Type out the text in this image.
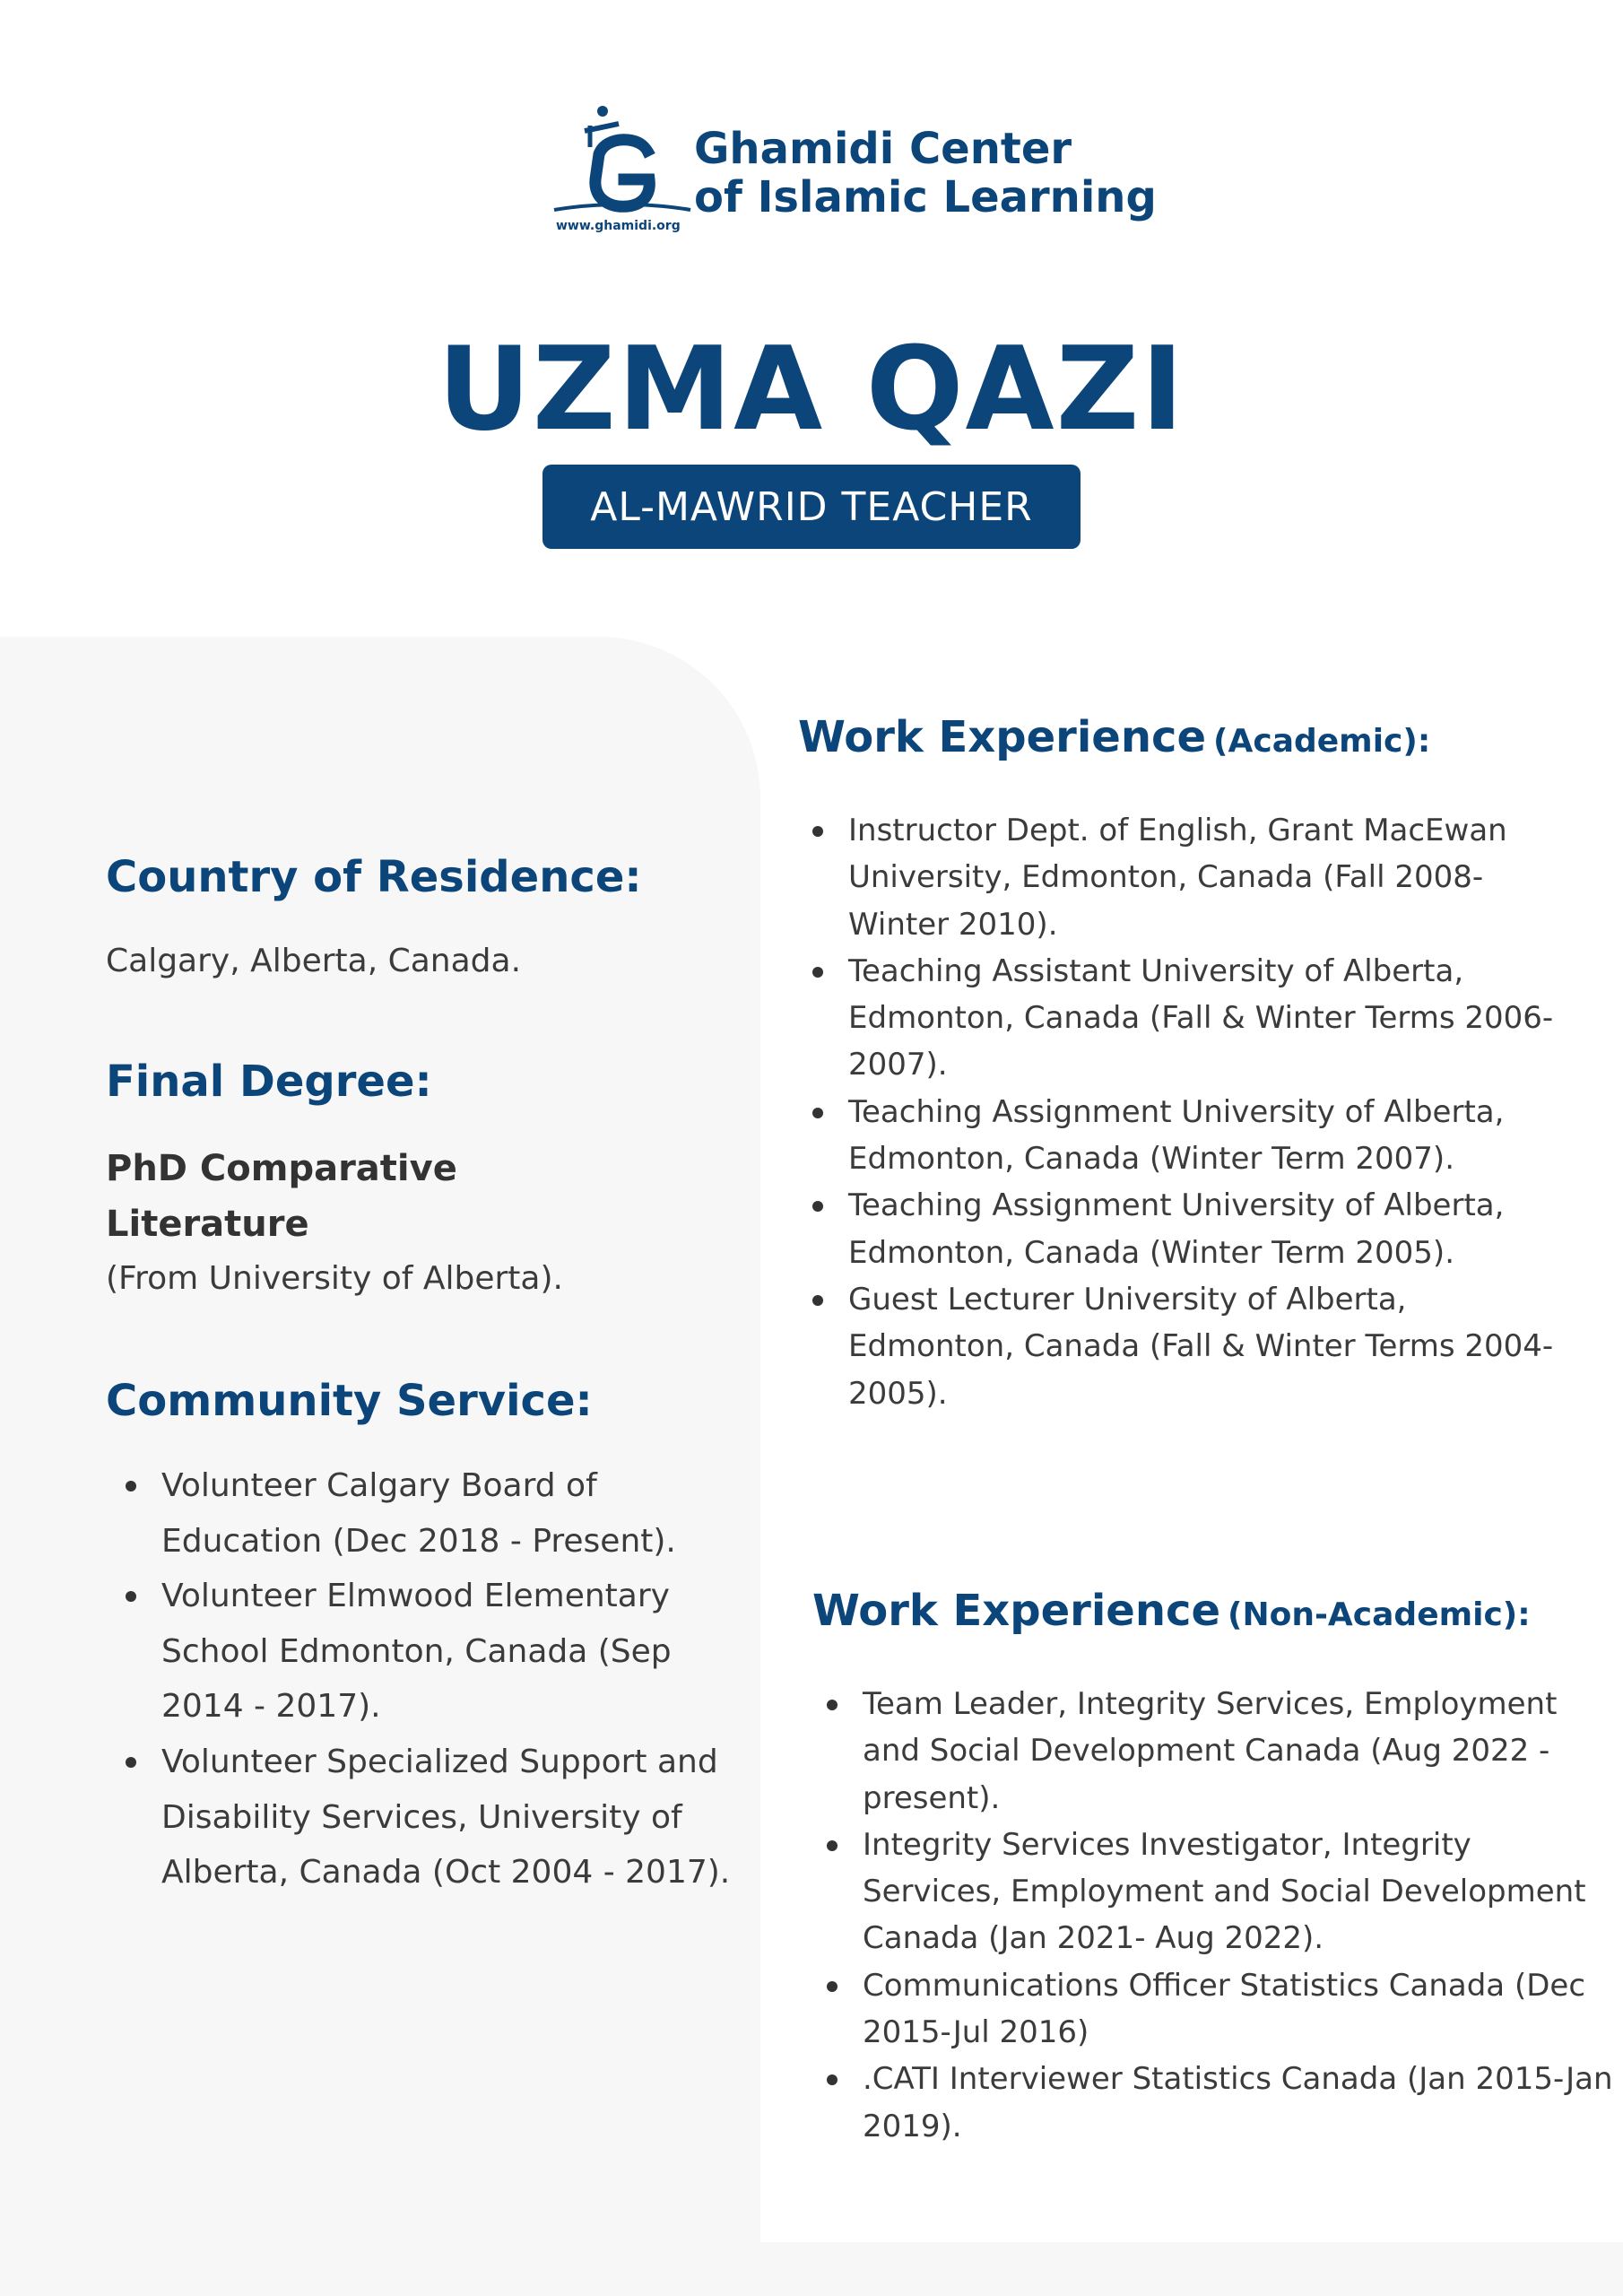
Ghamidi Center
of Islamic Learning
www.ghamidi.org
UZMA QAZI
AL-MAWRID TEACHER
Country of Residence:
Calgary, Alberta, Canada.
Final Degree:
PhD Comparative
Literature
(From University of Alberta).
Community Service:
Volunteer Calgary Board of Education (Dec 2018 - Present).
Volunteer Elmwood Elementary School Edmonton, Canada (Sep 2014 - 2017).
Volunteer Specialized Support and Disability Services, University of Alberta, Canada (Oct 2004 - 2017).
Work Experience (Academic):
Instructor Dept. of English, Grant MacEwan University, Edmonton, Canada (Fall 2008-Winter 2010).
Teaching Assistant University of Alberta, Edmonton, Canada (Fall & Winter Terms 2006-2007).
Teaching Assignment University of Alberta, Edmonton, Canada (Winter Term 2007).
Teaching Assignment University of Alberta, Edmonton, Canada (Winter Term 2005).
Guest Lecturer University of Alberta, Edmonton, Canada (Fall & Winter Terms 2004- 2005).
Work Experience (Non-Academic):
Team Leader, Integrity Services, Employment and Social Development Canada (Aug 2022 - present).
Integrity Services Investigator, Integrity Services, Employment and Social Development Canada (Jan 2021- Aug 2022).
Communications Officer Statistics Canada (Dec 2015-Jul 2016)
.CATI Interviewer Statistics Canada (Jan 2015-Jan 2019).
